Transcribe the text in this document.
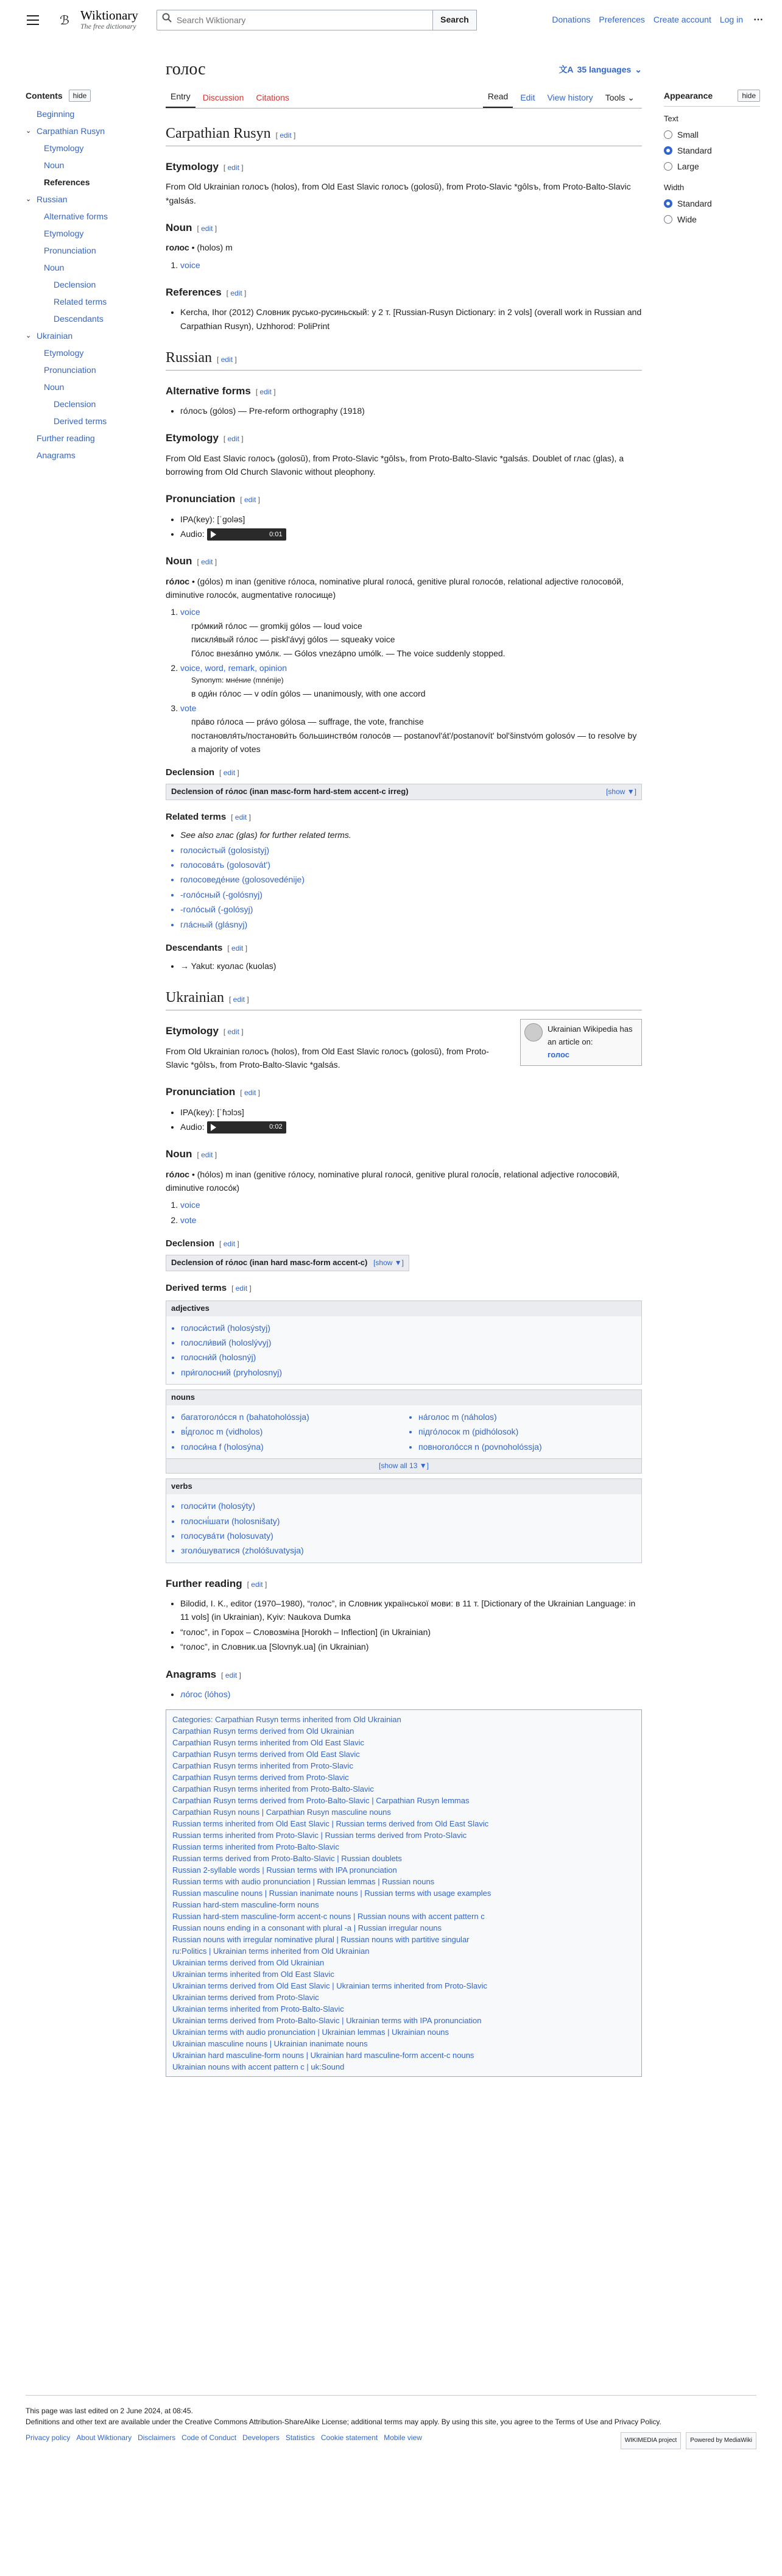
ℬ Wiktionary
The free dictionary
Search Wiktionary
Search	Donations Preferences Create account Log in ⋯
Contents	hide
Beginning
⌄ Carpathian Rusyn
Etymology
Noun
References
⌄ Russian
Alternative forms
Etymology
Pronunciation
Noun
Declension
Related terms
Descendants
⌄ Ukrainian
Etymology
Pronunciation
Noun
Declension
Derived terms
Further reading
Anagrams
Appearance	hide
Text
Small
Standard
Large
Width
Standard
Wide
голос	文A 35 languages ⌄
Entry	Discussion	Citations	Read	Edit	View history	Tools ⌄
Carpathian Rusyn [ edit ]
Etymology [ edit ]

From Old Ukrainian голосъ (holos), from Old East Slavic голосъ (golosŭ), from Proto-Slavic *gȏlsъ, from Proto-Balto-Slavic *galsás.

Noun [ edit ]

голос • (holos) m

1. voice
References [ edit ]
• Kercha, Ihor (2012) Словник русько-русиньскый: у 2 т. [Russian-Rusyn Dictionary: in 2 vols] (overall work in Russian and Carpathian Rusyn), Uzhhorod: PoliPrint
Russian [ edit ]
Alternative forms [ edit ]
• го́лосъ (gólos) — Pre-reform orthography (1918)
Etymology [ edit ]

From Old East Slavic голосъ (golosŭ), from Proto-Slavic *gȏlsъ, from Proto-Balto-Slavic *galsás. Doublet of глас (glas), a borrowing from Old Church Slavonic without pleophony.

Pronunciation [ edit ]
• IPA(key): [ˈɡoləs]
• Audio:	0:01
Noun [ edit ]

го́лос • (gólos) m inan (genitive го́лоса, nominative plural голоса́, genitive plural голосо́в, relational adjective голосово́й, diminutive голосо́к, augmentative голосище)

1. voice
гро́мкий го́лос — gromkij gólos — loud voice
пискля́вый го́лос — pisklʹávyj gólos — squeaky voice
Го́лос внеза́пно умо́лк. — Gólos vnezápno umólk. — The voice suddenly stopped.
2. voice, word, remark, opinion
Synonym: мне́ние (mnénije)
в оди́н го́лос — v odín gólos — unanimously, with one accord
3. vote
пра́во го́лоса — právo gólosa — suffrage, the vote, franchise
постановля́ть/постанови́ть большинство́м голосо́в — postanovlʹátʹ/postanovítʹ bolʹšinstvóm golosóv — to resolve by a majority of votes
Declension [ edit ]
Declension of го́лос (inan masc-form hard-stem accent-c irreg)	[show ▼]
Related terms [ edit ]
• See also глас (glas) for further related terms.
• голоси́стый (golosístyj)
• голосова́ть (golosovátʹ)
• голосоведе́ние (golosovedénije)
• -голо́сный (-golósnyj)
• -голо́сый (-golósyj)
• гла́сный (glásnyj)
Descendants [ edit ]
• → Yakut: куолас (kuolas)
Ukrainian [ edit ]
Ukrainian Wikipedia has an article on:
голос
Etymology [ edit ]

From Old Ukrainian голосъ (holos), from Old East Slavic голосъ (golosŭ), from Proto-Slavic *gȏlsъ, from Proto-Balto-Slavic *galsás.

Pronunciation [ edit ]
• IPA(key): [ˈɦɔlɔs]
• Audio:	0:02
Noun [ edit ]

го́лос • (hólos) m inan (genitive го́лосу, nominative plural голоси́, genitive plural голосі́в, relational adjective голосови́й, diminutive голосо́к)

1. voice
2. vote
Declension [ edit ]
Declension of го́лос (inan hard masc-form accent-c) [show ▼]
Derived terms [ edit ]
adjectives
• голоси́стий (holosýstyj)
• голосли́вий (holoslývyj)
• голосни́й (holosnýj)
• при́голосний (pryholosnyj)
nouns
• багатоголо́сся n (bahatoholóssja)
• ві́дголос m (vidholos)
• голоси́на f (holosýna)
• на́голос m (náholos)
• підго́лосок m (pidhólosok)
• повноголо́сся n (povnoholóssja)
[show all 13 ▼]
verbs
• голоси́ти (holosýty)
• голосні́шати (holosnišaty)
• голосува́ти (holosuvaty)
• зголо́шуватися (zholóšuvatysja)
Further reading [ edit ]
• Bilodid, I. K., editor (1970–1980), “голос”, in Словник української мови: в 11 т. [Dictionary of the Ukrainian Language: in 11 vols] (in Ukrainian), Kyiv: Naukova Dumka
• “голос”, in Горох – Словозміна [Horokh – Inflection] (in Ukrainian)
• “голос”, in Словник.ua [Slovnyk.ua] (in Ukrainian)
Anagrams [ edit ]
• ло́гос (lóhos)
Categories: Carpathian Rusyn terms inherited from Old Ukrainian
Carpathian Rusyn terms derived from Old Ukrainian
Carpathian Rusyn terms inherited from Old East Slavic
Carpathian Rusyn terms derived from Old East Slavic
Carpathian Rusyn terms inherited from Proto-Slavic
Carpathian Rusyn terms derived from Proto-Slavic
Carpathian Rusyn terms inherited from Proto-Balto-Slavic
Carpathian Rusyn terms derived from Proto-Balto-Slavic | Carpathian Rusyn lemmas
Carpathian Rusyn nouns | Carpathian Rusyn masculine nouns
Russian terms inherited from Old East Slavic | Russian terms derived from Old East Slavic
Russian terms inherited from Proto-Slavic | Russian terms derived from Proto-Slavic
Russian terms inherited from Proto-Balto-Slavic
Russian terms derived from Proto-Balto-Slavic | Russian doublets
Russian 2-syllable words | Russian terms with IPA pronunciation
Russian terms with audio pronunciation | Russian lemmas | Russian nouns
Russian masculine nouns | Russian inanimate nouns | Russian terms with usage examples
Russian hard-stem masculine-form nouns
Russian hard-stem masculine-form accent-c nouns | Russian nouns with accent pattern c
Russian nouns ending in a consonant with plural -а | Russian irregular nouns
Russian nouns with irregular nominative plural | Russian nouns with partitive singular
ru:Politics | Ukrainian terms inherited from Old Ukrainian
Ukrainian terms derived from Old Ukrainian
Ukrainian terms inherited from Old East Slavic
Ukrainian terms derived from Old East Slavic | Ukrainian terms inherited from Proto-Slavic
Ukrainian terms derived from Proto-Slavic
Ukrainian terms inherited from Proto-Balto-Slavic
Ukrainian terms derived from Proto-Balto-Slavic | Ukrainian terms with IPA pronunciation
Ukrainian terms with audio pronunciation | Ukrainian lemmas | Ukrainian nouns
Ukrainian masculine nouns | Ukrainian inanimate nouns
Ukrainian hard masculine-form nouns | Ukrainian hard masculine-form accent-c nouns
Ukrainian nouns with accent pattern c | uk:Sound
This page was last edited on 2 June 2024, at 08:45.
Definitions and other text are available under the Creative Commons Attribution-ShareAlike License; additional terms may apply. By using this site, you agree to the Terms of Use and Privacy Policy.
Privacy policy About Wiktionary Disclaimers Code of Conduct Developers Statistics Cookie statement Mobile view	WIKIMEDIA project	Powered by MediaWiki
